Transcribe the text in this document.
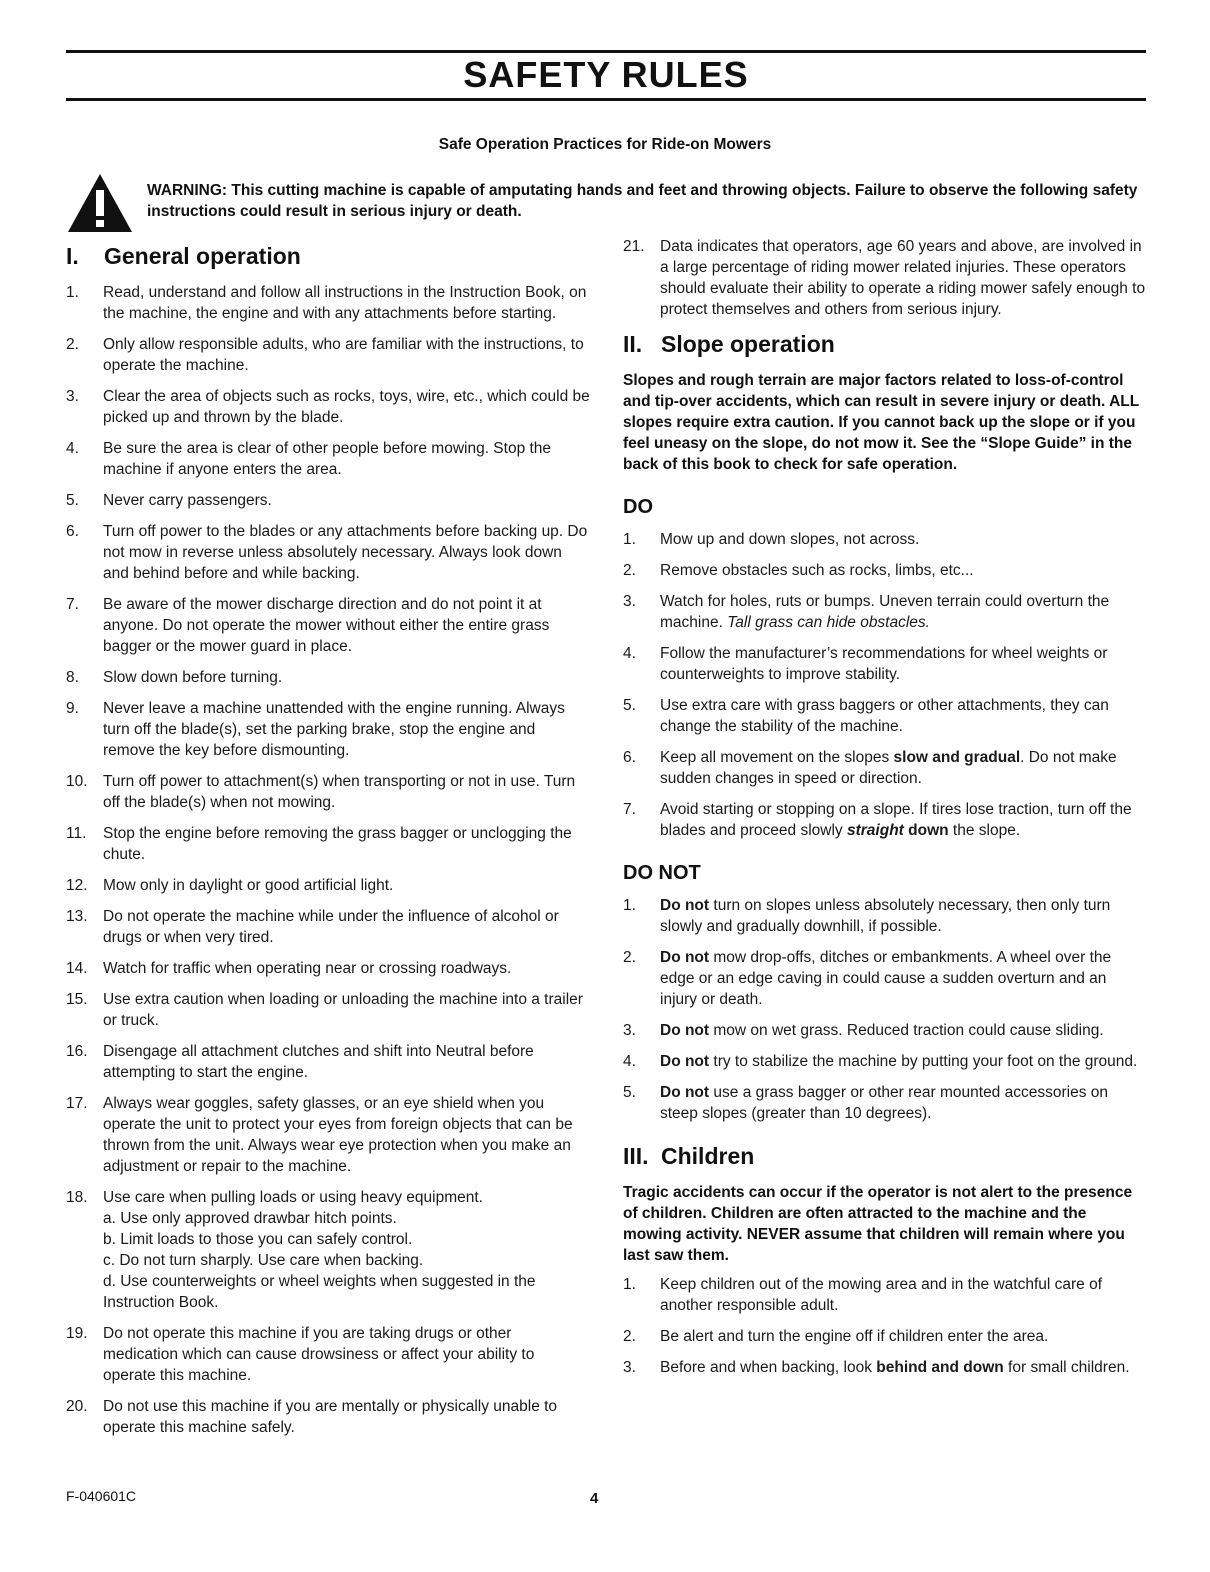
SAFETY RULES
Safe Operation Practices for Ride-on Mowers
WARNING: This cutting machine is capable of amputating hands and feet and throwing objects. Failure to observe the following safety instructions could result in serious injury or death.
I. General operation
1. Read, understand and follow all instructions in the Instruction Book, on the machine, the engine and with any attachments before starting.
2. Only allow responsible adults, who are familiar with the instructions, to operate the machine.
3. Clear the area of objects such as rocks, toys, wire, etc., which could be picked up and thrown by the blade.
4. Be sure the area is clear of other people before mowing. Stop the machine if anyone enters the area.
5. Never carry passengers.
6. Turn off power to the blades or any attachments before backing up. Do not mow in reverse unless absolutely necessary. Always look down and behind before and while backing.
7. Be aware of the mower discharge direction and do not point it at anyone. Do not operate the mower without either the entire grass bagger or the mower guard in place.
8. Slow down before turning.
9. Never leave a machine unattended with the engine running. Always turn off the blade(s), set the parking brake, stop the engine and remove the key before dismounting.
10. Turn off power to attachment(s) when transporting or not in use. Turn off the blade(s) when not mowing.
11. Stop the engine before removing the grass bagger or unclogging the chute.
12. Mow only in daylight or good artificial light.
13. Do not operate the machine while under the influence of alcohol or drugs or when very tired.
14. Watch for traffic when operating near or crossing roadways.
15. Use extra caution when loading or unloading the machine into a trailer or truck.
16. Disengage all attachment clutches and shift into Neutral before attempting to start the engine.
17. Always wear goggles, safety glasses, or an eye shield when you operate the unit to protect your eyes from foreign objects that can be thrown from the unit. Always wear eye protection when you make an adjustment or repair to the machine.
18. Use care when pulling loads or using heavy equipment.
a. Use only approved drawbar hitch points.
b. Limit loads to those you can safely control.
c. Do not turn sharply. Use care when backing.
d. Use counterweights or wheel weights when suggested in the Instruction Book.
19. Do not operate this machine if you are taking drugs or other medication which can cause drowsiness or affect your ability to operate this machine.
20. Do not use this machine if you are mentally or physically unable to operate this machine safely.
21. Data indicates that operators, age 60 years and above, are involved in a large percentage of riding mower related injuries. These operators should evaluate their ability to operate a riding mower safely enough to protect themselves and others from serious injury.
II. Slope operation

Slopes and rough terrain are major factors related to loss-of-control and tip-over accidents, which can result in severe injury or death. ALL slopes require extra caution. If you cannot back up the slope or if you feel uneasy on the slope, do not mow it. See the “Slope Guide” in the back of this book to check for safe operation.

DO
1. Mow up and down slopes, not across.
2. Remove obstacles such as rocks, limbs, etc...
3. Watch for holes, ruts or bumps. Uneven terrain could overturn the machine. Tall grass can hide obstacles.
4. Follow the manufacturer’s recommendations for wheel weights or counterweights to improve stability.
5. Use extra care with grass baggers or other attachments, they can change the stability of the machine.
6. Keep all movement on the slopes slow and gradual. Do not make sudden changes in speed or direction.
7. Avoid starting or stopping on a slope. If tires lose traction, turn off the blades and proceed slowly straight down the slope.
DO NOT
1. Do not turn on slopes unless absolutely necessary, then only turn slowly and gradually downhill, if possible.
2. Do not mow drop-offs, ditches or embankments. A wheel over the edge or an edge caving in could cause a sudden overturn and an injury or death.
3. Do not mow on wet grass. Reduced traction could cause sliding.
4. Do not try to stabilize the machine by putting your foot on the ground.
5. Do not use a grass bagger or other rear mounted accessories on steep slopes (greater than 10 degrees).
III. Children

Tragic accidents can occur if the operator is not alert to the presence of children. Children are often attracted to the machine and the mowing activity. NEVER assume that children will remain where you last saw them.

1. Keep children out of the mowing area and in the watchful care of another responsible adult.
2. Be alert and turn the engine off if children enter the area.
3. Before and when backing, look behind and down for small children.
F-040601C	4
